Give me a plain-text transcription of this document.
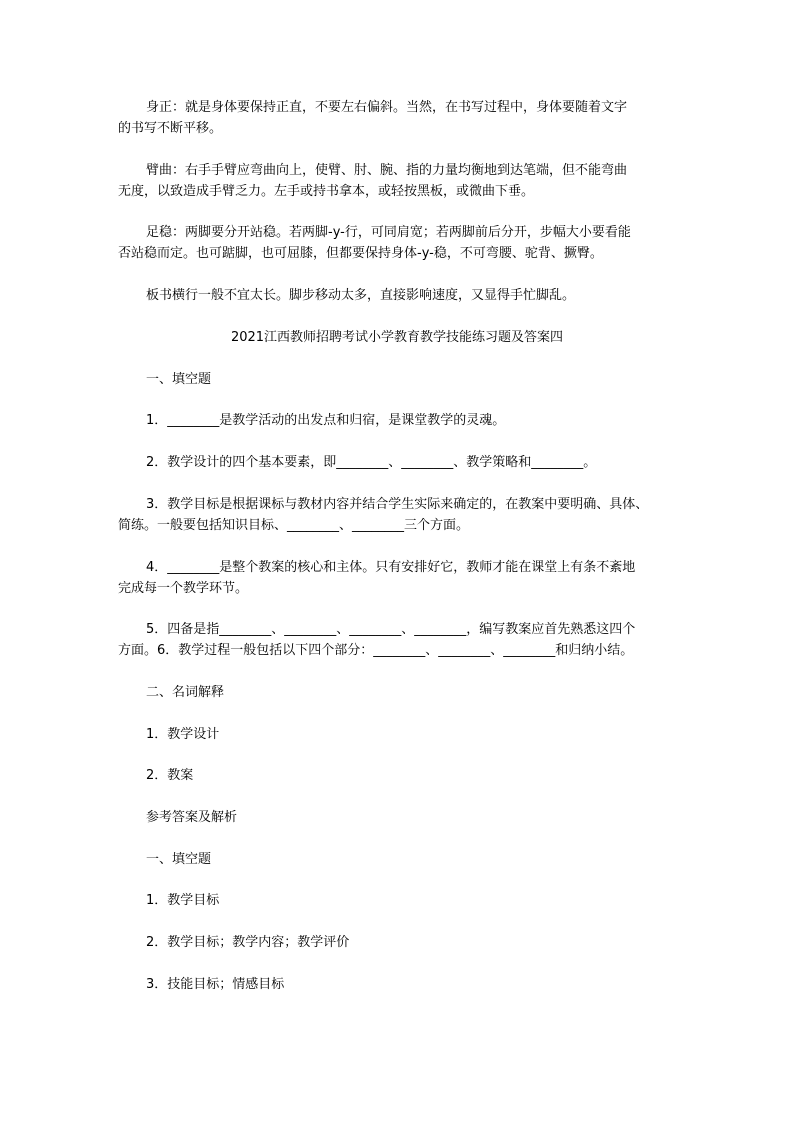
身正：就是身体要保持正直，不要左右偏斜。当然，在书写过程中，身体要随着文字
的书写不断平移。
臂曲：右手手臂应弯曲向上，使臂、肘、腕、指的力量均衡地到达笔端，但不能弯曲
无度，以致造成手臂乏力。左手或持书拿本，或轻按黑板，或微曲下垂。
足稳：两脚要分开站稳。若两脚-y-行，可同肩宽；若两脚前后分开，步幅大小要看能
否站稳而定。也可踮脚，也可屈膝，但都要保持身体-y-稳，不可弯腰、驼背、撅臀。
板书横行一般不宜太长。脚步移动太多，直接影响速度，又显得手忙脚乱。
2021江西教师招聘考试小学教育教学技能练习题及答案四
一、填空题
1．________是教学活动的出发点和归宿，是课堂教学的灵魂。
2．教学设计的四个基本要素，即________、________、教学策略和________。
3．教学目标是根据课标与教材内容并结合学生实际来确定的，在教案中要明确、具体、
简练。一般要包括知识目标、________、________三个方面。
4．________是整个教案的核心和主体。只有安排好它，教师才能在课堂上有条不紊地
完成每一个教学环节。
5．四备是指________、________、________、________，编写教案应首先熟悉这四个
方面。6．教学过程一般包括以下四个部分：________、________、________和归纳小结。
二、名词解释
1．教学设计
2．教案
参考答案及解析
一、填空题
1．教学目标
2．教学目标；教学内容；教学评价
3．技能目标；情感目标
